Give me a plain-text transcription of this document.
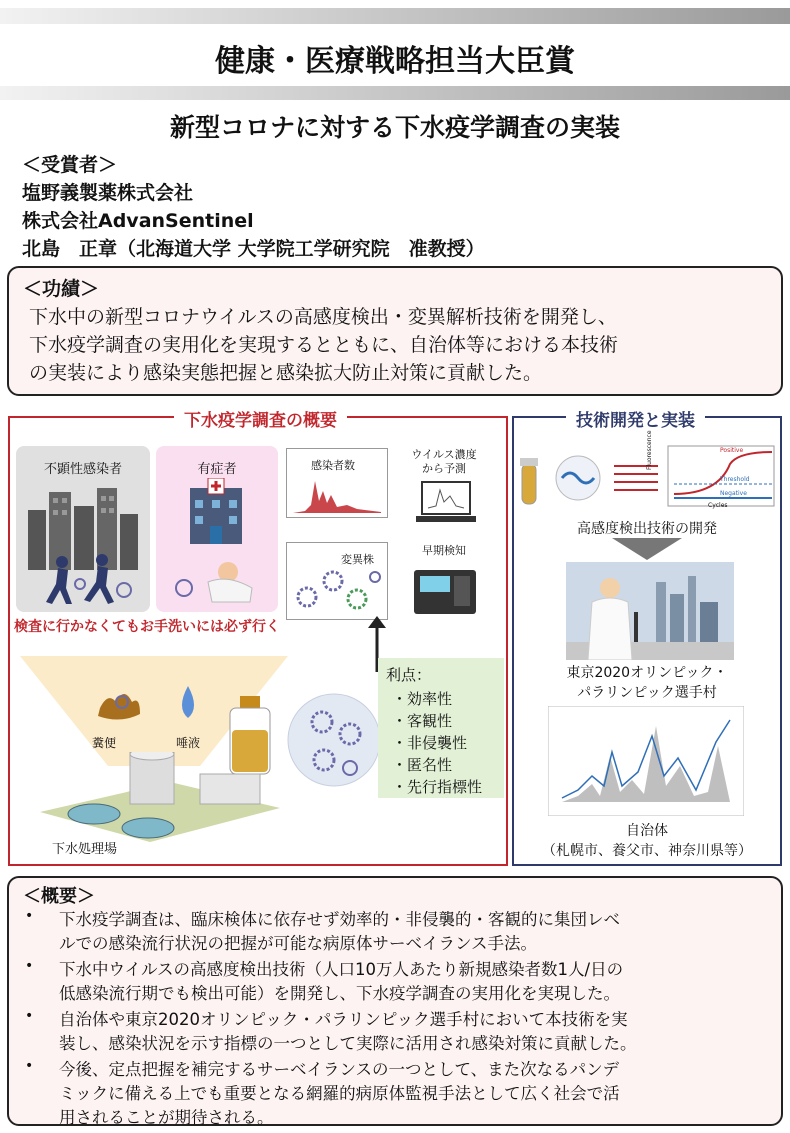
健康・医療戦略担当大臣賞
新型コロナに対する下水疫学調査の実装
＜受賞者＞
塩野義製薬株式会社
株式会社AdvanSentinel
北島　正章（北海道大学 大学院工学研究院　准教授）
＜功績＞
下水中の新型コロナウイルスの高感度検出・変異解析技術を開発し、
下水疫学調査の実用化を実現するとともに、自治体等における本技術
の実装により感染実態把握と感染拡大防止対策に貢献した。
下水疫学調査の概要
不顕性感染者	有症者	感染者数
ウイルス濃度
から予測
変異株
早期検知
検査に行かなくてもお手洗いには必ず行く
糞便	唾液
下水処理場
利点：
・効率性
・客観性
・非侵襲性
・匿名性
・先行指標性
技術開発と実装
Positive
Threshold
Negative
Cycles
Fluorescence
高感度検出技術の開発
東京2020オリンピック・
パラリンピック選手村
自治体
（札幌市、養父市、神奈川県等）
＜概要＞
• 下水疫学調査は、臨床検体に依存せず効率的・非侵襲的・客観的に集団レベ
ルでの感染流行状況の把握が可能な病原体サーベイランス手法。
• 下水中ウイルスの高感度検出技術（人口10万人あたり新規感染者数1人/日の
低感染流行期でも検出可能）を開発し、下水疫学調査の実用化を実現した。
• 自治体や東京2020オリンピック・パラリンピック選手村において本技術を実
装し、感染状況を示す指標の一つとして実際に活用され感染対策に貢献した。
• 今後、定点把握を補完するサーベイランスの一つとして、また次なるパンデ
ミックに備える上でも重要となる網羅的病原体監視手法として広く社会で活
用されることが期待される。
